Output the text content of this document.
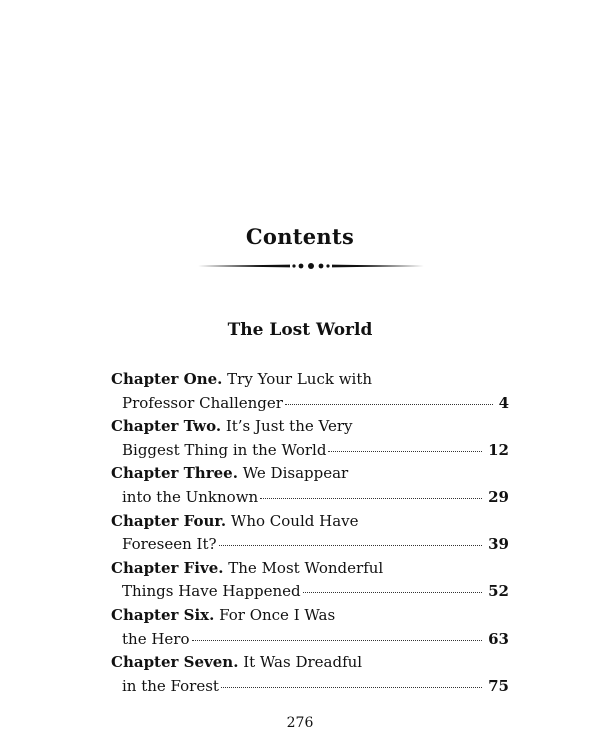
Contents
The Lost World
Chapter One. Try Your Luck with
Professor Challenger	4
Chapter Two. It’s Just the Very
Biggest Thing in the World	12
Chapter Three. We Disappear
into the Unknown	29
Chapter Four. Who Could Have
Foreseen It?	39
Chapter Five. The Most Wonderful
Things Have Happened	52
Chapter Six. For Once I Was
the Hero	63
Chapter Seven. It Was Dreadful
in the Forest	75
276
